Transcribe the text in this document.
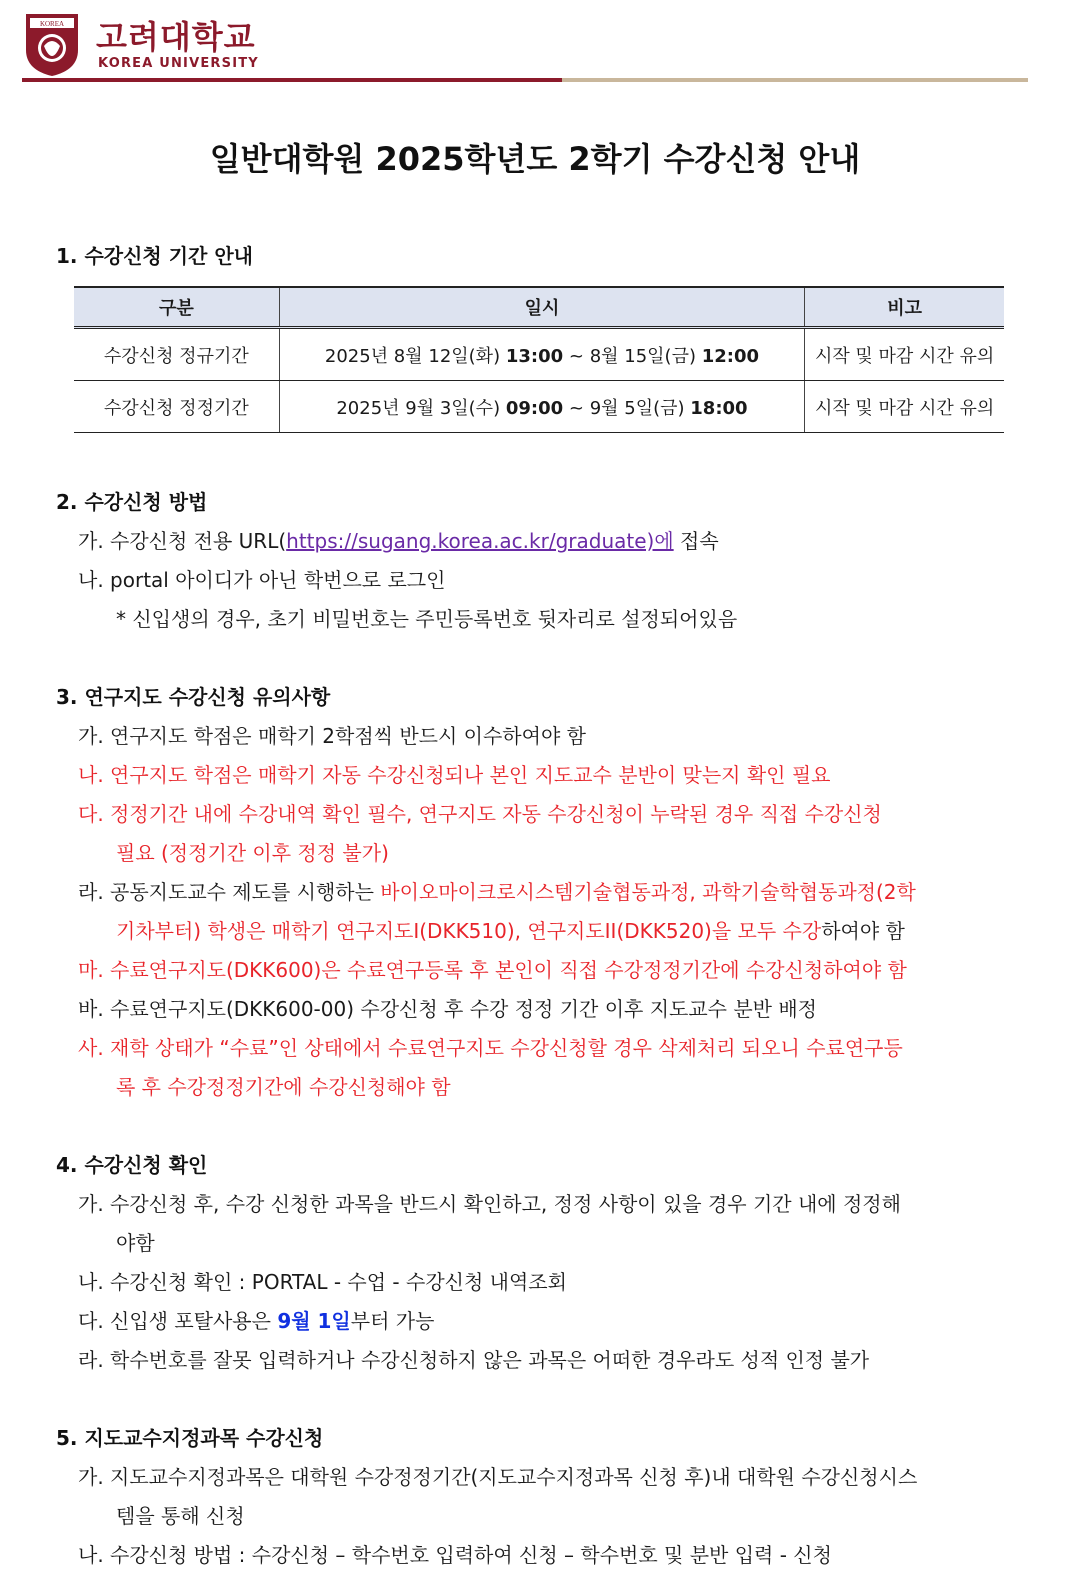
KOREA 고려대학교
KOREA UNIVERSITY
일반대학원 2025학년도 2학기 수강신청 안내
1. 수강신청 기간 안내
구분	일시	비고
수강신청 정규기간	2025년 8월 12일(화) 13:00 ~ 8월 15일(금) 12:00	시작 및 마감 시간 유의
수강신청 정정기간	2025년 9월 3일(수) 09:00 ~ 9월 5일(금) 18:00	시작 및 마감 시간 유의
2. 수강신청 방법
가. 수강신청 전용 URL(https://sugang.korea.ac.kr/graduate)에 접속
나. portal 아이디가 아닌 학번으로 로그인
* 신입생의 경우, 초기 비밀번호는 주민등록번호 뒷자리로 설정되어있음
3. 연구지도 수강신청 유의사항
가. 연구지도 학점은 매학기 2학점씩 반드시 이수하여야 함
나. 연구지도 학점은 매학기 자동 수강신청되나 본인 지도교수 분반이 맞는지 확인 필요
다. 정정기간 내에 수강내역 확인 필수, 연구지도 자동 수강신청이 누락된 경우 직접 수강신청
필요 (정정기간 이후 정정 불가)
라. 공동지도교수 제도를 시행하는 바이오마이크로시스템기술협동과정, 과학기술학협동과정(2학
기차부터) 학생은 매학기 연구지도I(DKK510), 연구지도II(DKK520)을 모두 수강하여야 함
마. 수료연구지도(DKK600)은 수료연구등록 후 본인이 직접 수강정정기간에 수강신청하여야 함
바. 수료연구지도(DKK600-00) 수강신청 후 수강 정정 기간 이후 지도교수 분반 배정
사. 재학 상태가 “수료”인 상태에서 수료연구지도 수강신청할 경우 삭제처리 되오니 수료연구등
록 후 수강정정기간에 수강신청해야 함
4. 수강신청 확인
가. 수강신청 후, 수강 신청한 과목을 반드시 확인하고, 정정 사항이 있을 경우 기간 내에 정정해
야함
나. 수강신청 확인 : PORTAL - 수업 - 수강신청 내역조회
다. 신입생 포탈사용은 9월 1일부터 가능
라. 학수번호를 잘못 입력하거나 수강신청하지 않은 과목은 어떠한 경우라도 성적 인정 불가
5. 지도교수지정과목 수강신청
가. 지도교수지정과목은 대학원 수강정정기간(지도교수지정과목 신청 후)내 대학원 수강신청시스
템을 통해 신청
나. 수강신청 방법 : 수강신청 – 학수번호 입력하여 신청 – 학수번호 및 분반 입력 - 신청
